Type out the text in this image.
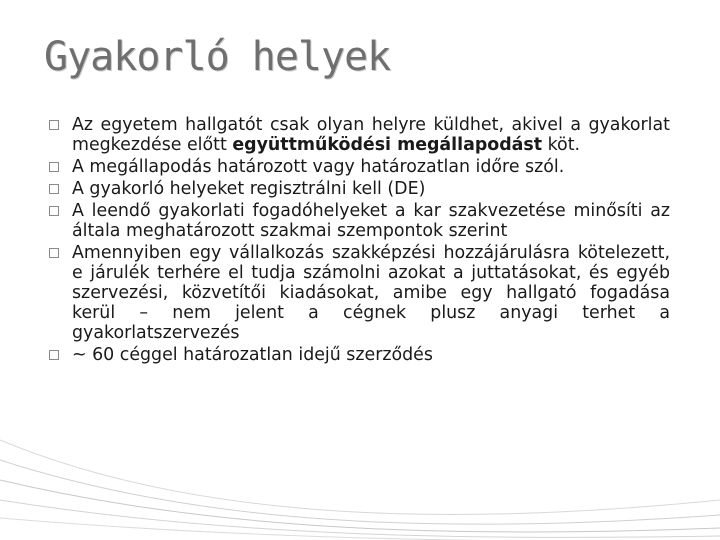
Gyakorló helyek
Az egyetem hallgatót csak olyan helyre küldhet, akivel a gyakorlat megkezdése előtt együttműködési megállapodást köt.
A megállapodás határozott vagy határozatlan időre szól.
A gyakorló helyeket regisztrálni kell (DE)
A leendő gyakorlati fogadóhelyeket a kar szakvezetése minősíti az általa meghatározott szakmai szempontok szerint
Amennyiben egy vállalkozás szakképzési hozzájárulásra kötelezett, e járulék terhére el tudja számolni azokat a juttatásokat, és egyéb szervezési, közvetítői kiadásokat, amibe egy hallgató fogadása kerül – nem jelent a cégnek plusz anyagi terhet a gyakorlatszervezés
~ 60 céggel határozatlan idejű szerződés
